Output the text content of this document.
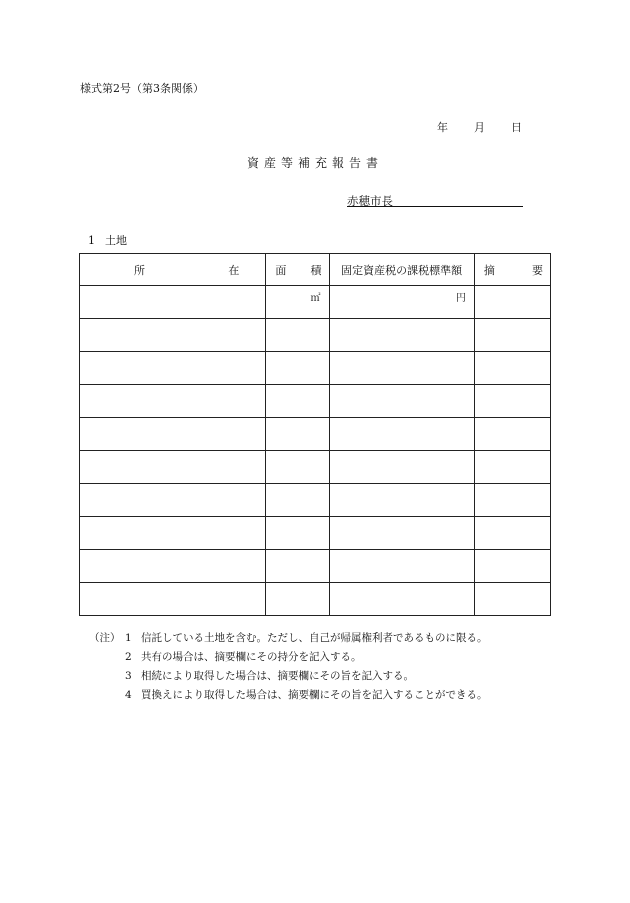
様式第2号（第3条関係）
年 月 日
資産等補充報告書
赤穂市長
1 土地
所 在	面 積	固定資産税の課税標準額	摘 要

	㎡	円	

（注） 1 信託している土地を含む。ただし、自己が帰属権利者であるものに限る。
2 共有の場合は、摘要欄にその持分を記入する。
3 相続により取得した場合は、摘要欄にその旨を記入する。
4 買換えにより取得した場合は、摘要欄にその旨を記入することができる。
